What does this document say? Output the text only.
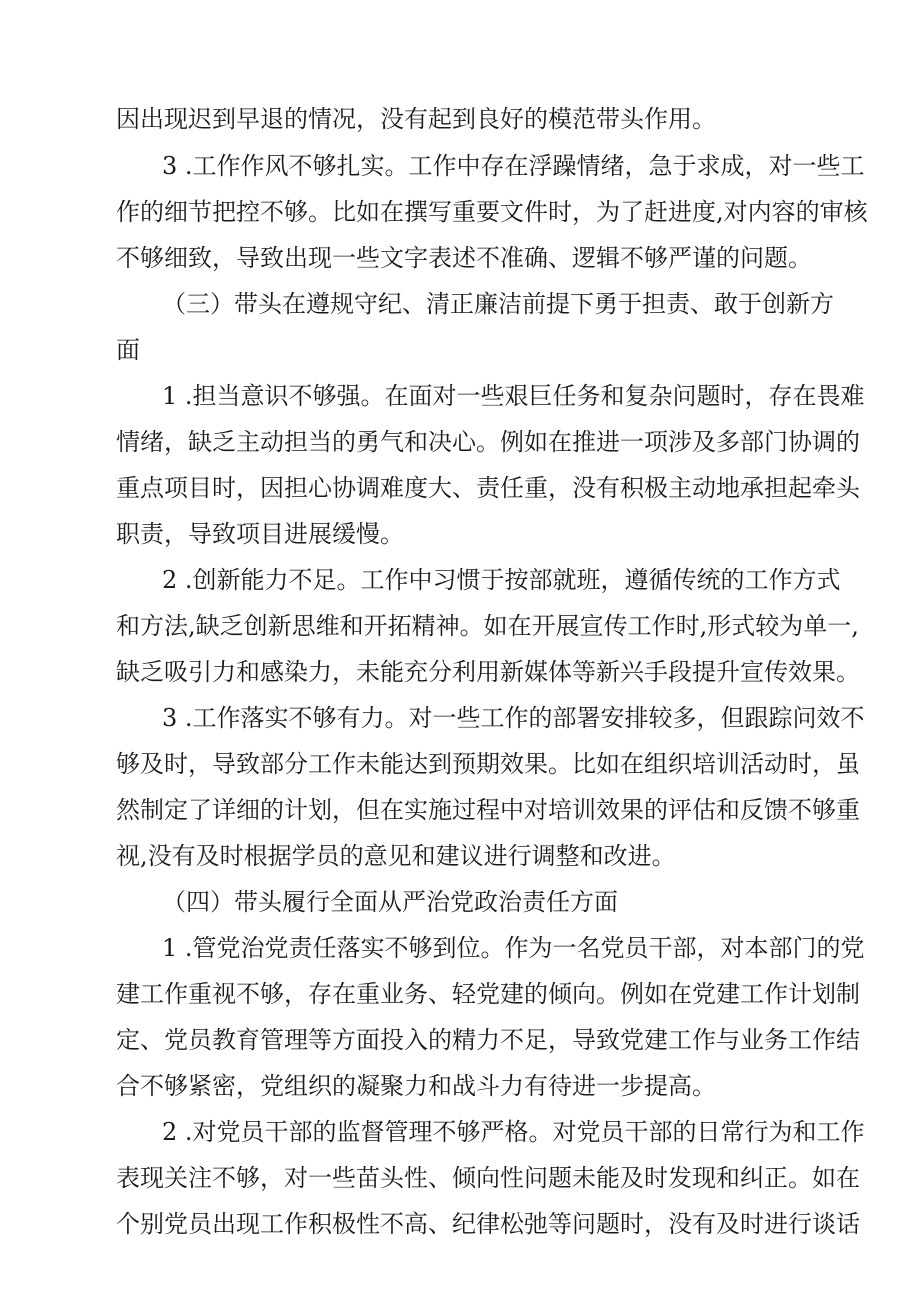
因出现迟到早退的情况，没有起到良好的模范带头作用。

3 .工作作风不够扎实。工作中存在浮躁情绪，急于求成，对一些工

作的细节把控不够。比如在撰写重要文件时，为了赶进度,对内容的审核

不够细致，导致出现一些文字表述不准确、逻辑不够严谨的问题。

（三）带头在遵规守纪、清正廉洁前提下勇于担责、敢于创新方

面

1 .担当意识不够强。在面对一些艰巨任务和复杂问题时，存在畏难

情绪，缺乏主动担当的勇气和决心。例如在推进一项涉及多部门协调的

重点项目时，因担心协调难度大、责任重，没有积极主动地承担起牵头

职责，导致项目进展缓慢。

2 .创新能力不足。工作中习惯于按部就班，遵循传统的工作方式

和方法,缺乏创新思维和开拓精神。如在开展宣传工作时,形式较为单一,

缺乏吸引力和感染力，未能充分利用新媒体等新兴手段提升宣传效果。

3 .工作落实不够有力。对一些工作的部署安排较多，但跟踪问效不

够及时，导致部分工作未能达到预期效果。比如在组织培训活动时，虽

然制定了详细的计划，但在实施过程中对培训效果的评估和反馈不够重

视,没有及时根据学员的意见和建议进行调整和改进。

（四）带头履行全面从严治党政治责任方面

1 .管党治党责任落实不够到位。作为一名党员干部，对本部门的党

建工作重视不够，存在重业务、轻党建的倾向。例如在党建工作计划制

定、党员教育管理等方面投入的精力不足，导致党建工作与业务工作结

合不够紧密，党组织的凝聚力和战斗力有待进一步提高。

2 .对党员干部的监督管理不够严格。对党员干部的日常行为和工作

表现关注不够，对一些苗头性、倾向性问题未能及时发现和纠正。如在

个别党员出现工作积极性不高、纪律松弛等问题时，没有及时进行谈话
